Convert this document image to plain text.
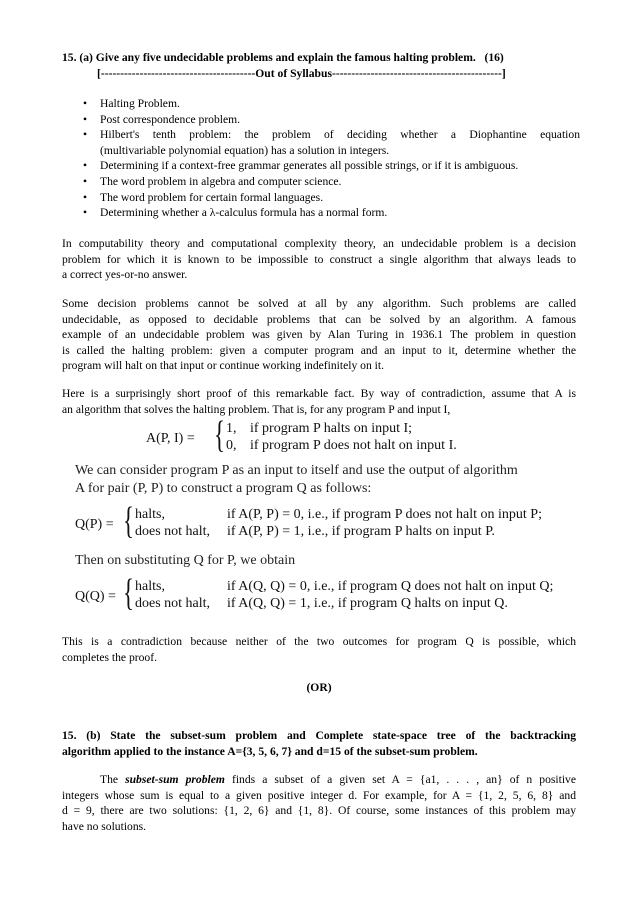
15. (a) Give any five undecidable problems and explain the famous halting problem. (16)
[----------------------------------------Out of Syllabus--------------------------------------------]
• Halting Problem.
• Post correspondence problem.
• Hilbert's tenth problem: the problem of deciding whether a Diophantine equation
(multivariable polynomial equation) has a solution in integers.
• Determining if a context-free grammar generates all possible strings, or if it is ambiguous.
• The word problem in algebra and computer science.
• The word problem for certain formal languages.
• Determining whether a λ-calculus formula has a normal form.
In computability theory and computational complexity theory, an undecidable problem is a decision
problem for which it is known to be impossible to construct a single algorithm that always leads to
a correct yes-or-no answer.
Some decision problems cannot be solved at all by any algorithm. Such problems are called
undecidable, as opposed to decidable problems that can be solved by an algorithm. A famous
example of an undecidable problem was given by Alan Turing in 1936.1 The problem in question
is called the halting problem: given a computer program and an input to it, determine whether the
program will halt on that input or continue working indefinitely on it.
Here is a surprisingly short proof of this remarkable fact. By way of contradiction, assume that A is
an algorithm that solves the halting problem. That is, for any program P and input I,
A(P, I) = { 1, if program P halts on input I;
0, if program P does not halt on input I.
We can consider program P as an input to itself and use the output of algorithm
A for pair (P, P) to construct a program Q as follows:
Q(P) = { halts,	if A(P, P) = 0, i.e., if program P does not halt on input P;
does not halt, if A(P, P) = 1, i.e., if program P halts on input P.
Then on substituting Q for P, we obtain
Q(Q) = { halts,	if A(Q, Q) = 0, i.e., if program Q does not halt on input Q;
does not halt, if A(Q, Q) = 1, i.e., if program Q halts on input Q.
This is a contradiction because neither of the two outcomes for program Q is possible, which
completes the proof.
(OR)
15. (b) State the subset-sum problem and Complete state-space tree of the backtracking
algorithm applied to the instance A={3, 5, 6, 7} and d=15 of the subset-sum problem.
The subset-sum problem finds a subset of a given set A = {a1, . . . , an} of n positive
integers whose sum is equal to a given positive integer d. For example, for A = {1, 2, 5, 6, 8} and
d = 9, there are two solutions: {1, 2, 6} and {1, 8}. Of course, some instances of this problem may
have no solutions.
